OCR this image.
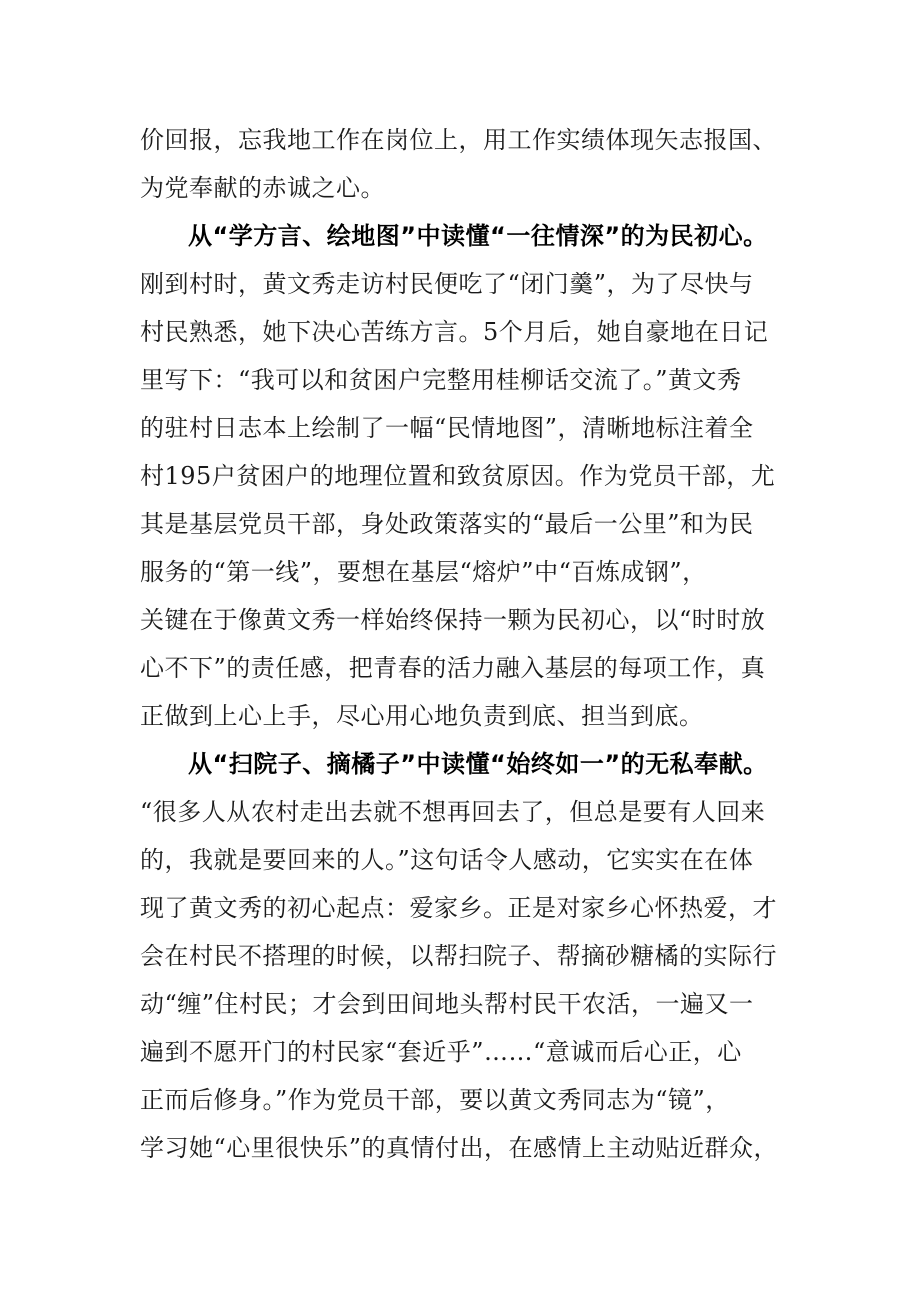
价回报，忘我地工作在岗位上，用工作实绩体现矢志报国、
为党奉献的赤诚之心。
从“学方言、绘地图”中读懂“一往情深”的为民初心。
刚到村时，黄文秀走访村民便吃了“闭门羹”，为了尽快与
村民熟悉，她下决心苦练方言。5个月后，她自豪地在日记
里写下：“我可以和贫困户完整用桂柳话交流了。”黄文秀
的驻村日志本上绘制了一幅“民情地图”，清晰地标注着全
村195户贫困户的地理位置和致贫原因。作为党员干部，尤
其是基层党员干部，身处政策落实的“最后一公里”和为民
服务的“第一线”，要想在基层“熔炉”中“百炼成钢”，
关键在于像黄文秀一样始终保持一颗为民初心，以“时时放
心不下”的责任感，把青春的活力融入基层的每项工作，真
正做到上心上手，尽心用心地负责到底、担当到底。
从“扫院子、摘橘子”中读懂“始终如一”的无私奉献。
“很多人从农村走出去就不想再回去了，但总是要有人回来
的，我就是要回来的人。”这句话令人感动，它实实在在体
现了黄文秀的初心起点：爱家乡。正是对家乡心怀热爱，才
会在村民不搭理的时候，以帮扫院子、帮摘砂糖橘的实际行
动“缠”住村民；才会到田间地头帮村民干农活，一遍又一
遍到不愿开门的村民家“套近乎”……“意诚而后心正，心
正而后修身。”作为党员干部，要以黄文秀同志为“镜”，
学习她“心里很快乐”的真情付出，在感情上主动贴近群众，
